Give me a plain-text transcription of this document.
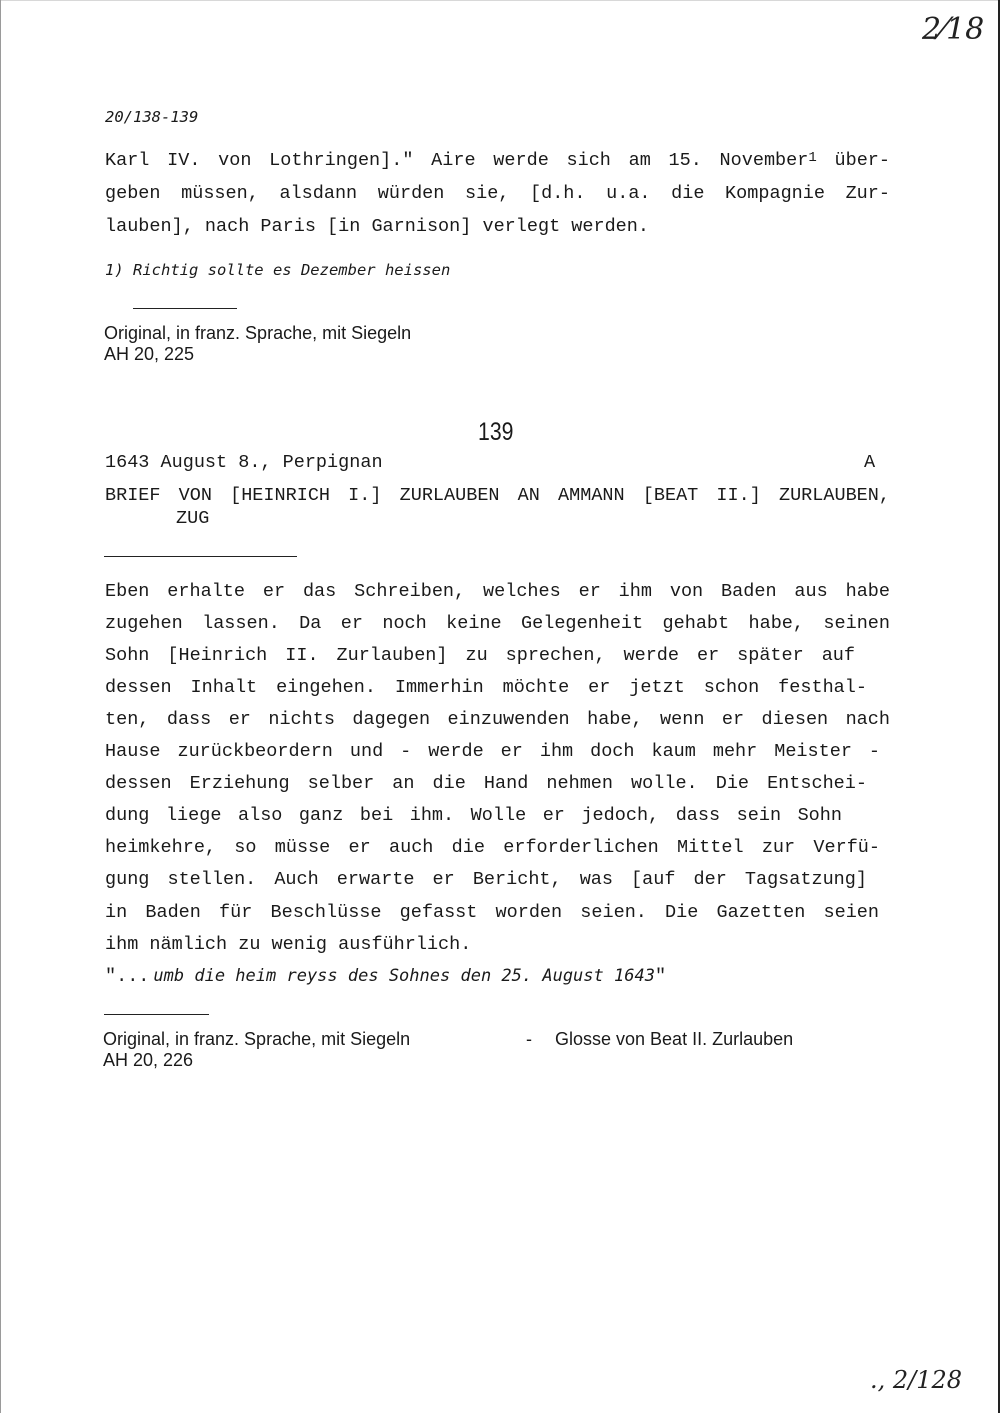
2⁄18
20/138-139
Karl IV. von Lothringen]." Aire werde sich am 15. November$^1$ über-
geben müssen, alsdann würden sie, [d.h. u.a. die Kompagnie Zur-
lauben], nach Paris [in Garnison] verlegt werden.
1) Richtig sollte es Dezember heissen
Original, in franz. Sprache, mit Siegeln
AH 20, 225
139
1643 August 8., Perpignan	A
BRIEF VON [HEINRICH I.] ZURLAUBEN AN AMMANN [BEAT II.] ZURLAUBEN,
ZUG
Eben erhalte er das Schreiben, welches er ihm von Baden aus habe
zugehen lassen. Da er noch keine Gelegenheit gehabt habe, seinen
Sohn [Heinrich II. Zurlauben] zu sprechen, werde er später auf
dessen Inhalt eingehen. Immerhin möchte er jetzt schon festhal-
ten, dass er nichts dagegen einzuwenden habe, wenn er diesen nach
Hause zurückbeordern und - werde er ihm doch kaum mehr Meister -
dessen Erziehung selber an die Hand nehmen wolle. Die Entschei-
dung liege also ganz bei ihm. Wolle er jedoch, dass sein Sohn
heimkehre, so müsse er auch die erforderlichen Mittel zur Verfü-
gung stellen. Auch erwarte er Bericht, was [auf der Tagsatzung]
in Baden für Beschlüsse gefasst worden seien. Die Gazetten seien
ihm nämlich zu wenig ausführlich.
"... umb die heim reyss des Sohnes den 25. August 1643"
Original, in franz. Sprache, mit Siegeln	- Glosse von Beat II. Zurlauben
AH 20, 226
., 2/128
